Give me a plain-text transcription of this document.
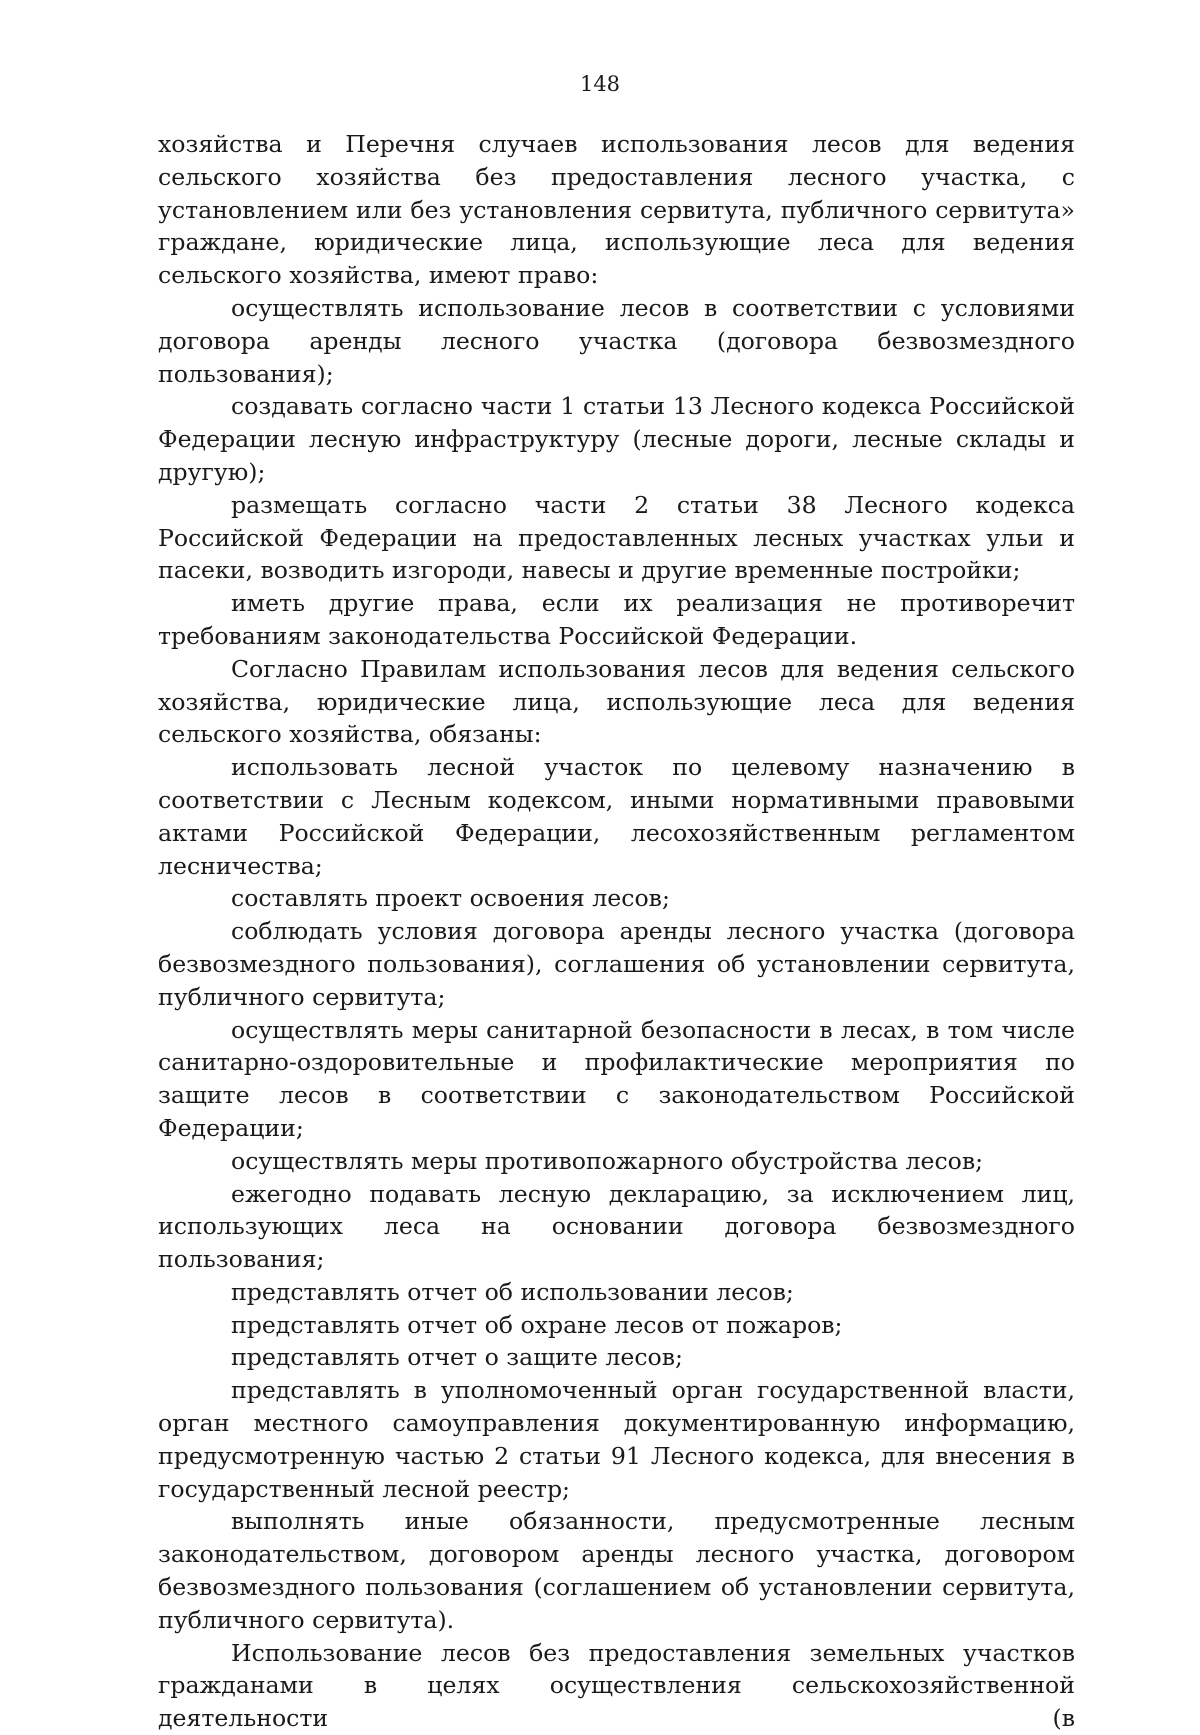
148

хозяйства и Перечня случаев использования лесов для ведения сельского хозяйства без предоставления лесного участка, с установлением или без установления сервитута, публичного сервитута» граждане, юридические лица, использующие леса для ведения сельского хозяйства, имеют право:

осуществлять использование лесов в соответствии с условиями договора аренды лесного участка (договора безвозмездного пользования);

создавать согласно части 1 статьи 13 Лесного кодекса Российской Федерации лесную инфраструктуру (лесные дороги, лесные склады и другую);

размещать согласно части 2 статьи 38 Лесного кодекса Российской Федерации на предоставленных лесных участках ульи и пасеки, возводить изгороди, навесы и другие временные постройки;

иметь другие права, если их реализация не противоречит требованиям законодательства Российской Федерации.

Согласно Правилам использования лесов для ведения сельского хозяйства, юридические лица, использующие леса для ведения сельского хозяйства, обязаны:

использовать лесной участок по целевому назначению в соответствии с Лесным кодексом, иными нормативными правовыми актами Российской Федерации, лесохозяйственным регламентом лесничества;

составлять проект освоения лесов;

соблюдать условия договора аренды лесного участка (договора безвозмездного пользования), соглашения об установлении сервитута, публичного сервитута;

осуществлять меры санитарной безопасности в лесах, в том числе санитарно-оздоровительные и профилактические мероприятия по защите лесов в соответствии с законодательством Российской Федерации;

осуществлять меры противопожарного обустройства лесов;

ежегодно подавать лесную декларацию, за исключением лиц, использующих леса на основании договора безвозмездного пользования;

представлять отчет об использовании лесов;

представлять отчет об охране лесов от пожаров;

представлять отчет о защите лесов;

представлять в уполномоченный орган государственной власти, орган местного самоуправления документированную информацию, предусмотренную частью 2 статьи 91 Лесного кодекса, для внесения в государственный лесной реестр;

выполнять иные обязанности, предусмотренные лесным законодательством, договором аренды лесного участка, договором безвозмездного пользования (соглашением об установлении сервитута, публичного сервитута).

Использование лесов без предоставления земельных участков гражданами в целях осуществления сельскохозяйственной деятельности (в
